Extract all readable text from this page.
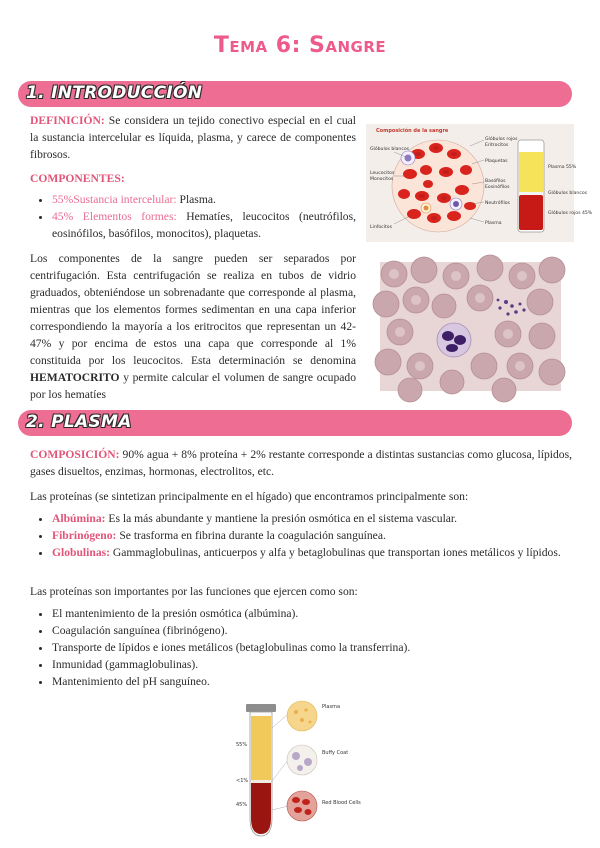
Tema 6: Sangre
1. INTRODUCCIÓN
DEFINICIÓN: Se considera un tejido conectivo especial en el cual la sustancia intercelular es líquida, plasma, y carece de componentes fibrosos.
COMPONENTES:
• 55%Sustancia intercelular: Plasma.
• 45% Elementos formes: Hematíes, leucocitos (neutrófilos, eosinófilos, basófilos, monocitos), plaquetas.
Composición de la sangre
Glóbulos blancos
Leucocitos
Monocitos
Linfocitos
Glóbulos rojos
Eritrocitos
Plaquetas
Basófilos
Eosinófilos
Neutrófilos
Plasma
Plasma 55%
Glóbulos blancos
Glóbulos rojos 45%
Los componentes de la sangre pueden ser separados por centrifugación. Esta centrifugación se realiza en tubos de vidrio graduados, obteniéndose un sobrenadante que corresponde al plasma, mientras que los elementos formes sedimentan en una capa inferior correspondiendo la mayoría a los eritrocitos que representan un 42-47% y por encima de estos una capa que corresponde al 1% constituida por los leucocitos. Esta determinación se denomina HEMATOCRITO y permite calcular el volumen de sangre ocupado por los hematíes
2. PLASMA
COMPOSICIÓN: 90% agua + 8% proteína + 2% restante corresponde a distintas sustancias como glucosa, lípidos, gases disueltos, enzimas, hormonas, electrolitos, etc.
Las proteínas (se sintetizan principalmente en el hígado) que encontramos principalmente son:
• Albúmina: Es la más abundante y mantiene la presión osmótica en el sistema vascular.
• Fibrinógeno: Se trasforma en fibrina durante la coagulación sanguínea.
• Globulinas: Gammaglobulinas, anticuerpos y alfa y betaglobulinas que transportan iones metálicos y lípidos.
Las proteínas son importantes por las funciones que ejercen como son:
• El mantenimiento de la presión osmótica (albúmina).
• Coagulación sanguínea (fibrinógeno).
• Transporte de lípidos e iones metálicos (betaglobulinas como la transferrina).
• Inmunidad (gammaglobulinas).
• Mantenimiento del pH sanguíneo.
55%
<1%
45%
Plasma
Buffy Coat
Red Blood Cells
